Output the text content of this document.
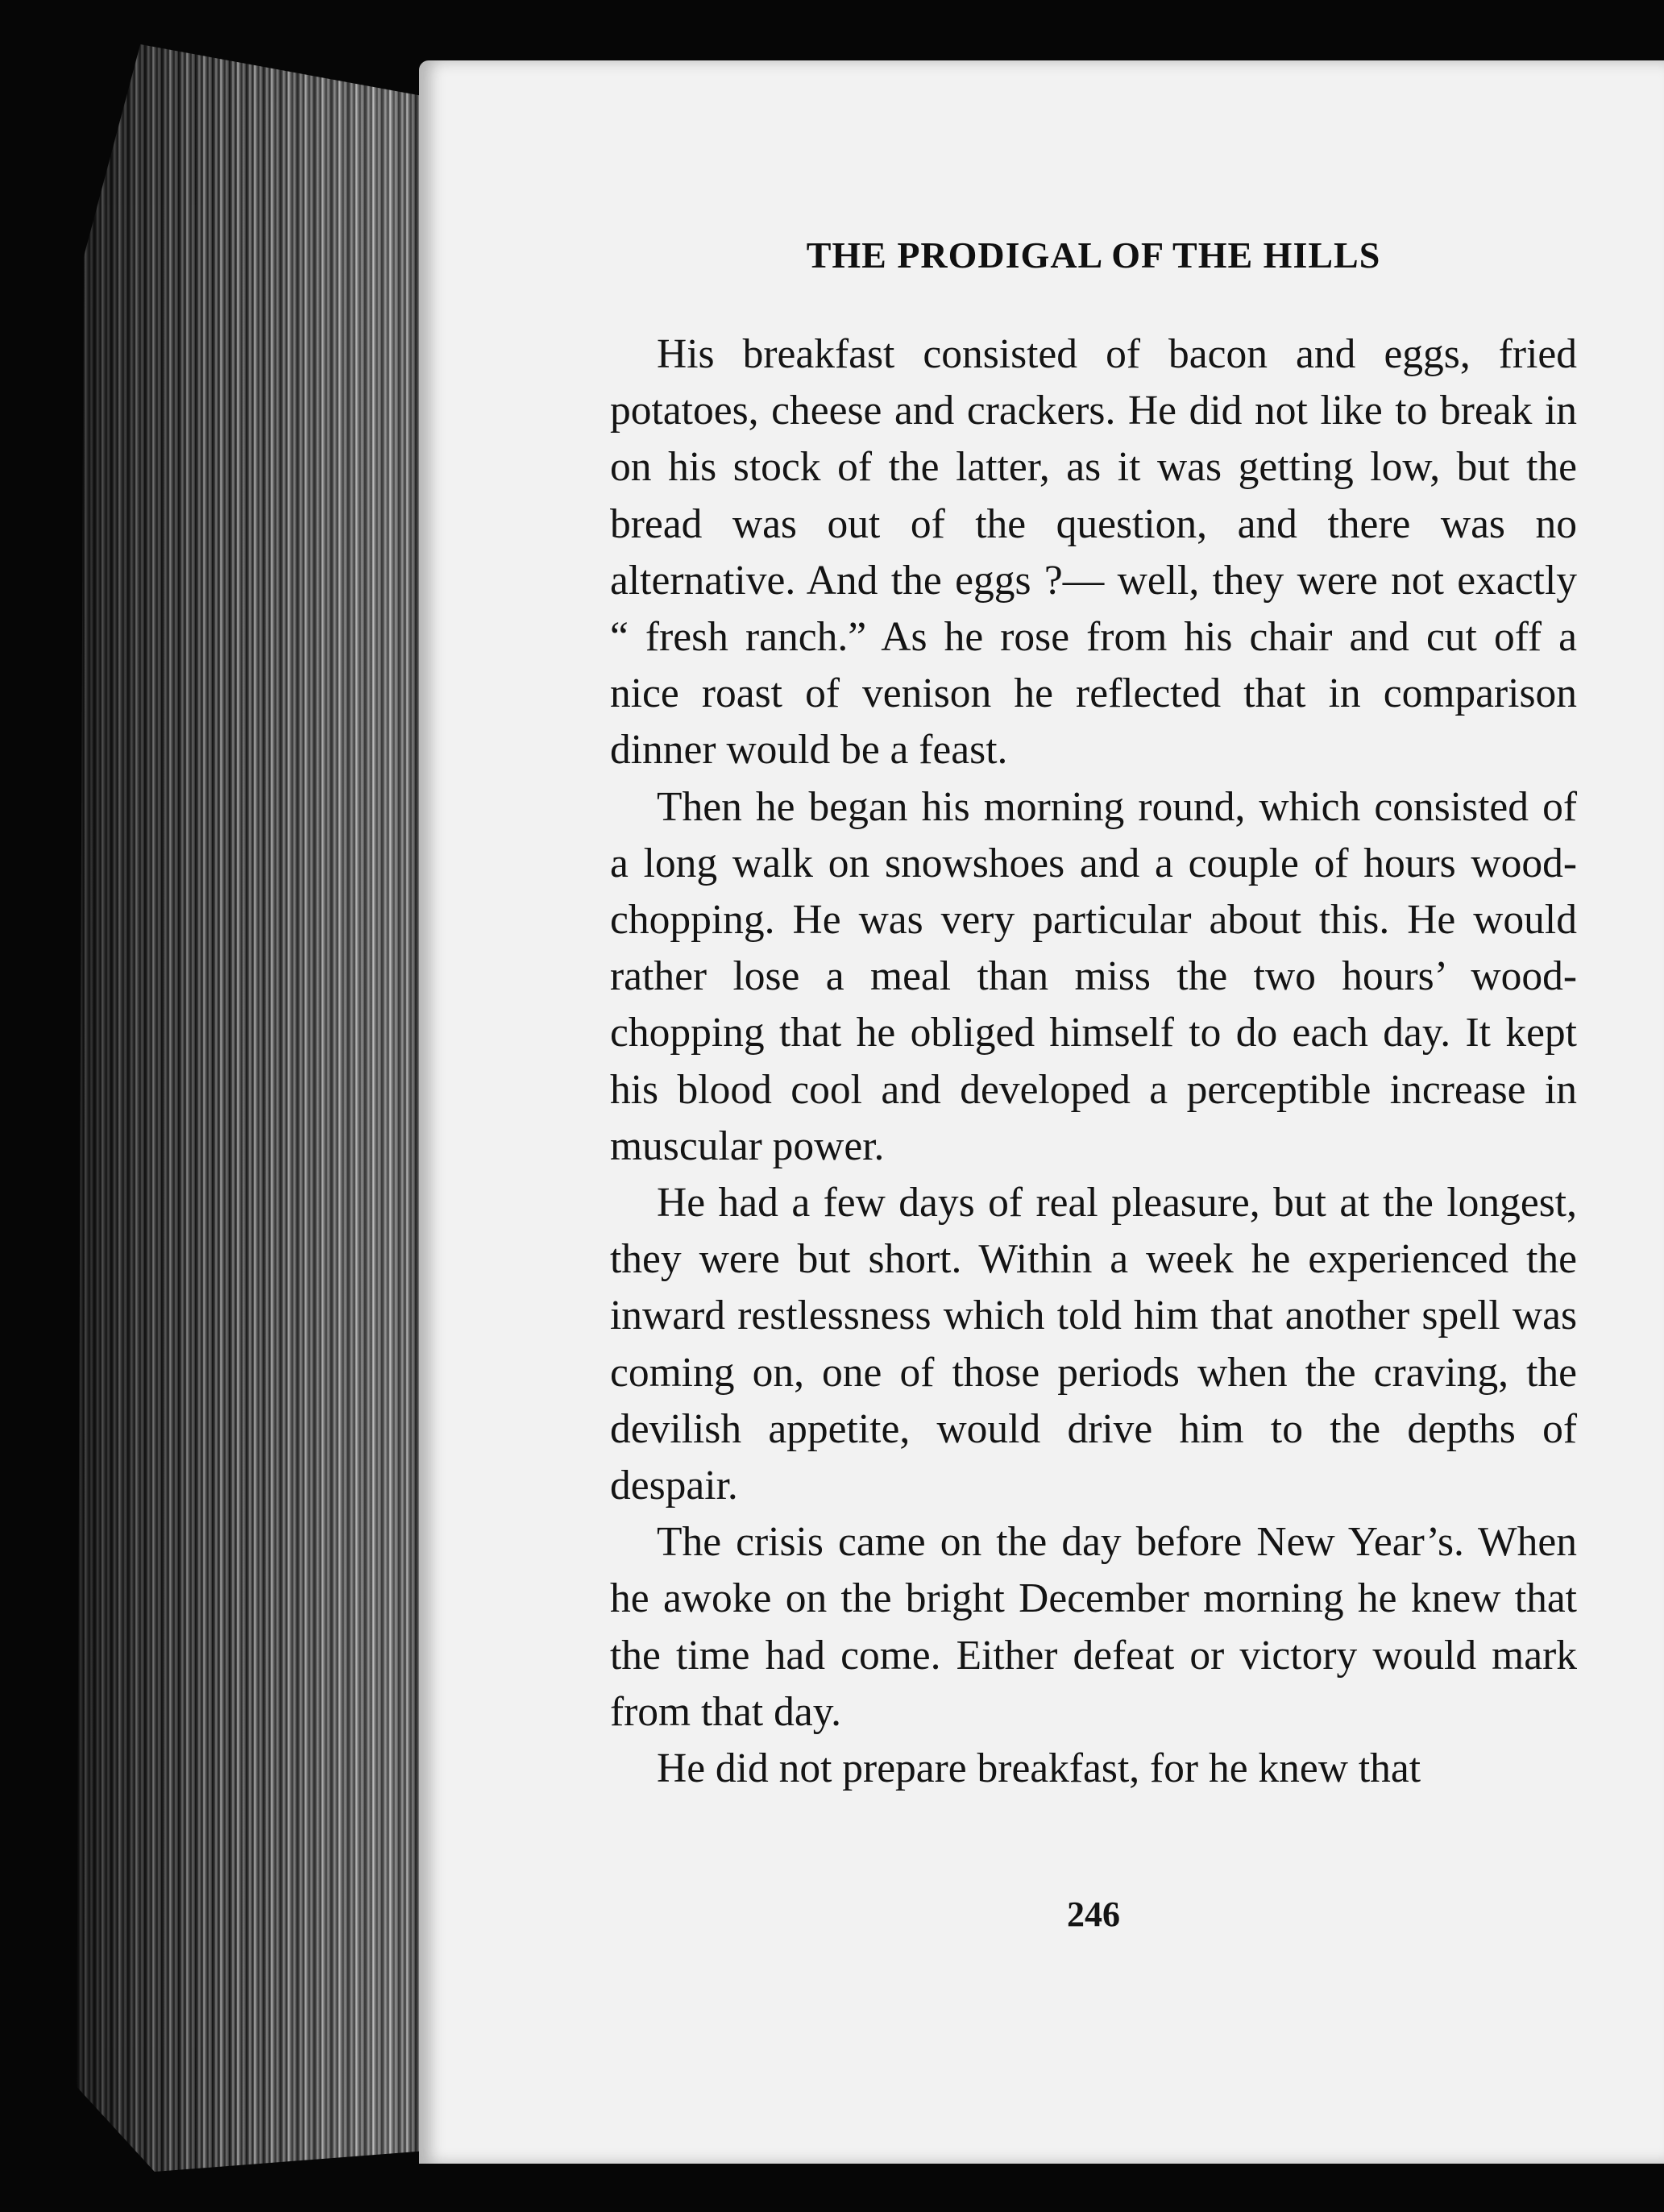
THE PRODIGAL OF THE HILLS

His breakfast consisted of bacon and eggs, fried potatoes, cheese and crackers. He did not like to break in on his stock of the latter, as it was getting low, but the bread was out of the question, and there was no alternative. And the eggs ?— well, they were not exactly “ fresh ranch.” As he rose from his chair and cut off a nice roast of venison he reflected that in comparison dinner would be a feast.

Then he began his morning round, which consisted of a long walk on snowshoes and a couple of hours wood-chopping. He was very particular about this. He would rather lose a meal than miss the two hours’ wood-chopping that he obliged himself to do each day. It kept his blood cool and developed a perceptible increase in muscular power.

He had a few days of real pleasure, but at the longest, they were but short. Within a week he experienced the inward restlessness which told him that another spell was coming on, one of those periods when the craving, the devilish appetite, would drive him to the depths of despair.

The crisis came on the day before New Year’s. When he awoke on the bright December morning he knew that the time had come. Either defeat or victory would mark from that day.

He did not prepare breakfast, for he knew that

246
